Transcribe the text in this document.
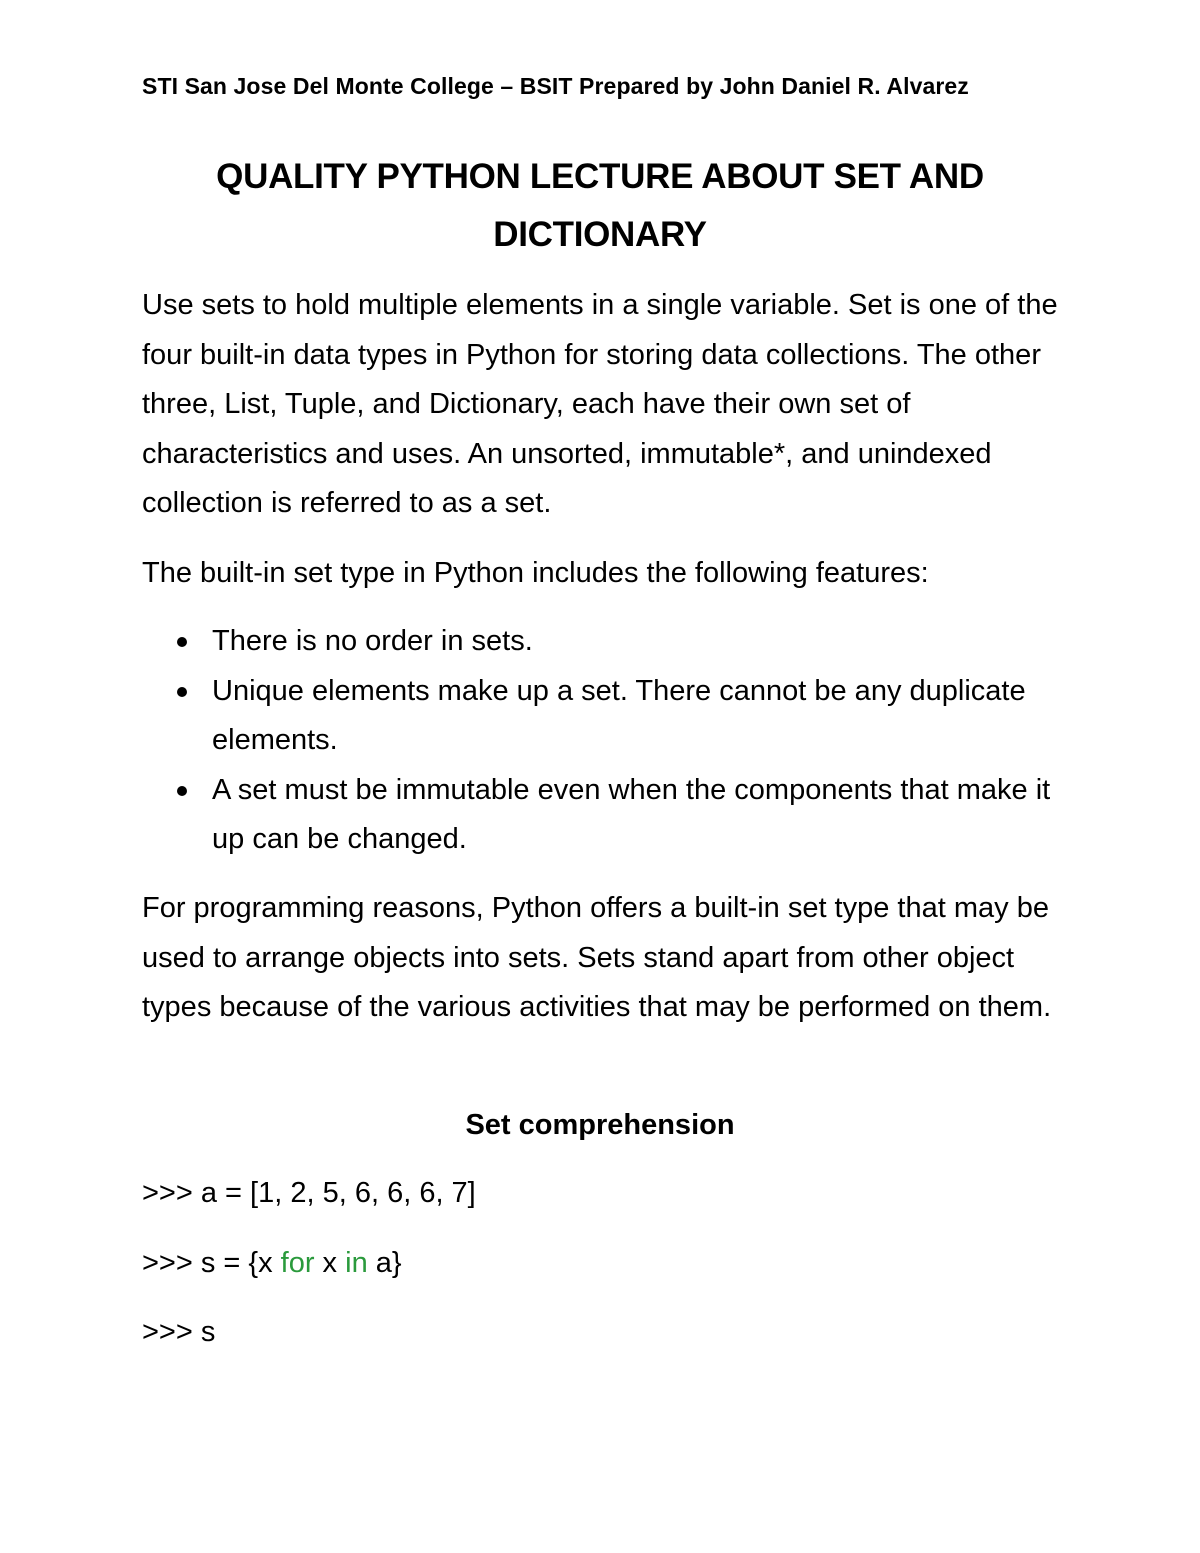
STI San Jose Del Monte College – BSIT Prepared by John Daniel R. Alvarez
QUALITY PYTHON LECTURE ABOUT SET AND
DICTIONARY

Use sets to hold multiple elements in a single variable. Set is one of the four built-in data types in Python for storing data collections. The other three, List, Tuple, and Dictionary, each have their own set of characteristics and uses. An unsorted, immutable*, and unindexed collection is referred to as a set.

The built-in set type in Python includes the following features:

There is no order in sets.
Unique elements make up a set. There cannot be any duplicate elements.
A set must be immutable even when the components that make it up can be changed.

For programming reasons, Python offers a built-in set type that may be used to arrange objects into sets. Sets stand apart from other object types because of the various activities that may be performed on them.

Set comprehension
>>> a = [1, 2, 5, 6, 6, 6, 7]
>>> s = {x for x in a}
>>> s
